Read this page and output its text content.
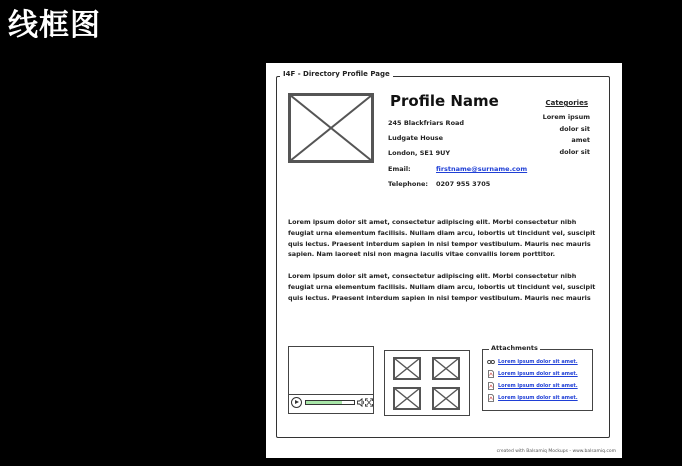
线框图
I4F - Directory Profile Page
Profile Name
245 Blackfriars Road
Ludgate House
London, SE1 9UY
Email:	firstname@surname.com
Telephone: 0207 955 3705
Categories
Lorem ipsum
dolor sit
amet
dolor sit
Lorem ipsum dolor sit amet, consectetur adipiscing elit. Morbi consectetur nibh
feugiat urna elementum facilisis. Nullam diam arcu, lobortis ut tincidunt vel, suscipit
quis lectus. Praesent interdum sapien in nisi tempor vestibulum. Mauris nec mauris
sapien. Nam laoreet nisi non magna iaculis vitae convallis lorem porttitor.
Lorem ipsum dolor sit amet, consectetur adipiscing elit. Morbi consectetur nibh
feugiat urna elementum facilisis. Nullam diam arcu, lobortis ut tincidunt vel, suscipit
quis lectus. Praesent interdum sapien in nisi tempor vestibulum. Mauris nec mauris
Attachments
Lorem ipsum dolor sit amet.
Lorem ipsum dolor sit amet.
Lorem ipsum dolor sit amet.
Lorem ipsum dolor sit amet.
created with Balsamiq Mockups - www.balsamiq.com
